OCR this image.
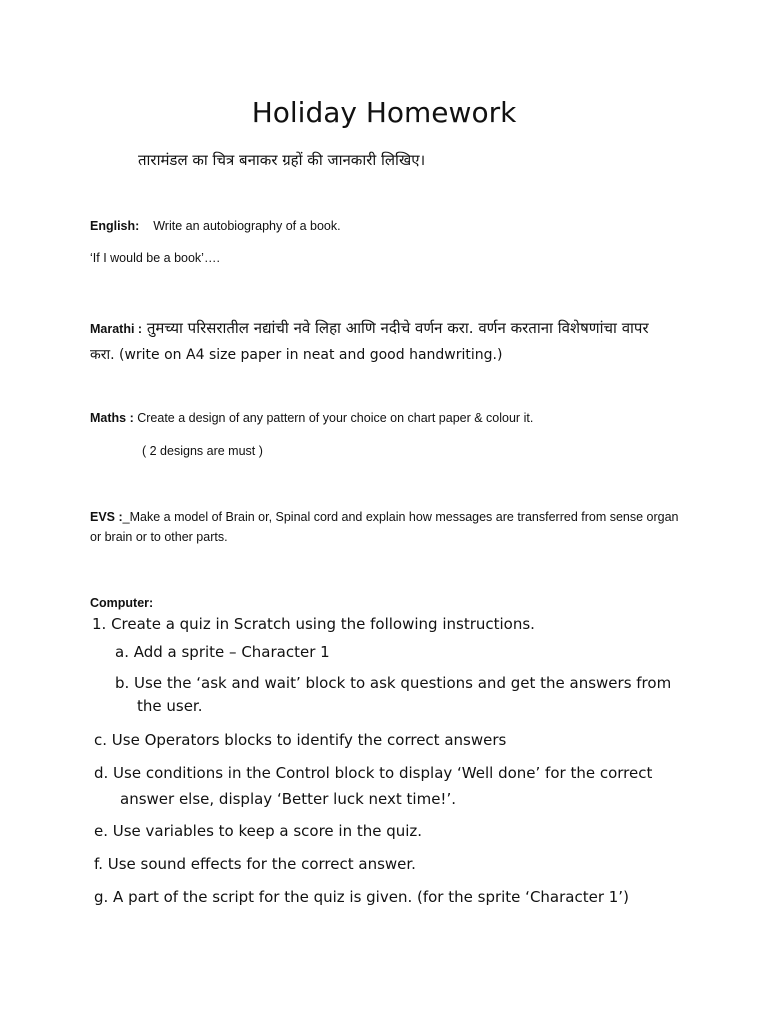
Holiday Homework

तारामंडल का चित्र बनाकर ग्रहों की जानकारी लिखिए।

English: Write an autobiography of a book.

‘If I would be a book’….

Marathi : तुमच्या परिसरातील नद्यांची नवे लिहा आणि नदीचे वर्णन करा. वर्णन करताना विशेषणांचा वापर

करा. (write on A4 size paper in neat and good handwriting.)

Maths : Create a design of any pattern of your choice on chart paper & colour it.

( 2 designs are must )

EVS :_Make a model of Brain or, Spinal cord and explain how messages are transferred from sense organ

or brain or to other parts.

Computer:

1. Create a quiz in Scratch using the following instructions.

a. Add a sprite – Character 1

b. Use the ‘ask and wait’ block to ask questions and get the answers from

the user.

c. Use Operators blocks to identify the correct answers

d. Use conditions in the Control block to display ‘Well done’ for the correct

answer else, display ‘Better luck next time!’.

e. Use variables to keep a score in the quiz.

f. Use sound effects for the correct answer.

g. A part of the script for the quiz is given. (for the sprite ‘Character 1’)
